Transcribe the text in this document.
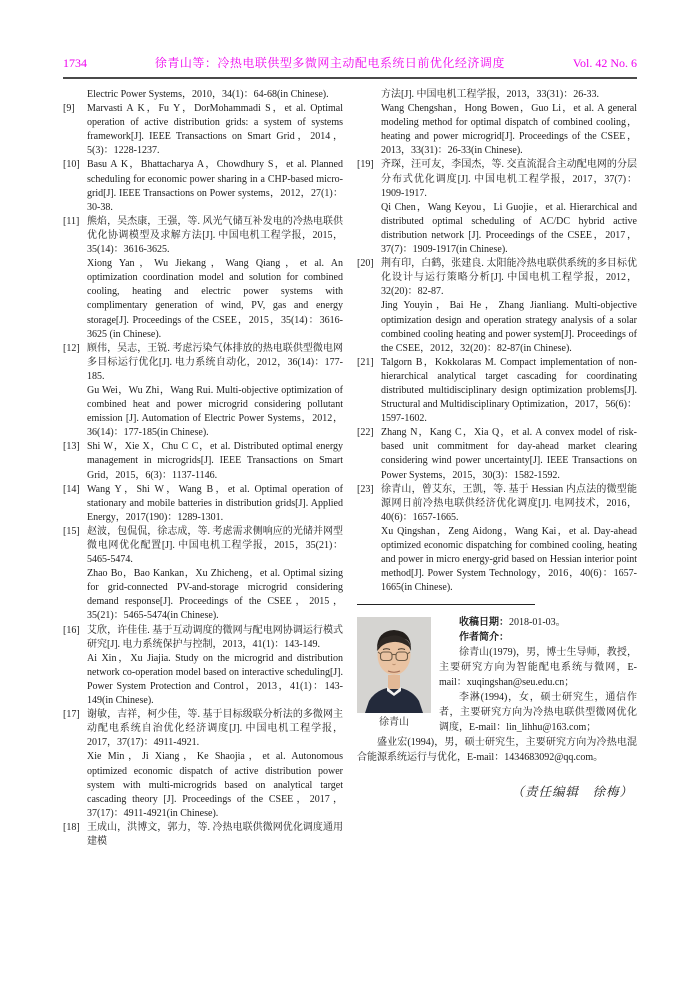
1734	徐青山等：冷热电联供型多微网主动配电系统日前优化经济调度	Vol. 42 No. 6
Electric Power Systems，2010，34(1)：64-68(in Chinese).
[9]	Marvasti A K，Fu Y，DorMohammadi S，et al. Optimal operation of active distribution grids: a system of systems framework[J]. IEEE Transactions on Smart Grid，2014，5(3)：1228-1237.
[10] Basu A K，Bhattacharya A，Chowdhury S，et al. Planned scheduling for economic power sharing in a CHP-based micro-grid[J]. IEEE Transactions on Power systems，2012，27(1)：30-38.
[11] 熊焰，吴杰康，王强，等. 风光气储互补发电的冷热电联供优化协调模型及求解方法[J]. 中国电机工程学报，2015，35(14)：3616-3625.
Xiong Yan，Wu Jiekang，Wang Qiang，et al. An optimization coordination model and solution for combined cooling, heating and electric power systems with complimentary generation of wind, PV, gas and energy storage[J]. Proceedings of the CSEE，2015，35(14)：3616-3625 (in Chinese).
[12] 顾伟，吴志，王锐. 考虑污染气体排放的热电联供型微电网多目标运行优化[J]. 电力系统自动化，2012，36(14)：177-185.
Gu Wei，Wu Zhi，Wang Rui. Multi-objective optimization of combined heat and power microgrid considering pollutant emission [J]. Automation of Electric Power Systems，2012，36(14)：177-185(in Chinese).
[13] Shi W，Xie X，Chu C C，et al. Distributed optimal energy management in microgrids[J]. IEEE Transactions on Smart Grid，2015，6(3)：1137-1146.
[14] Wang Y，Shi W，Wang B，et al. Optimal operation of stationary and mobile batteries in distribution grids[J]. Applied Energy，2017(190)：1289-1301.
[15] 赵波，包侃侃，徐志成，等. 考虑需求侧响应的光储并网型微电网优化配置[J]. 中国电机工程学报，2015，35(21)：5465-5474.
Zhao Bo，Bao Kankan，Xu Zhicheng，et al. Optimal sizing for grid-connected PV-and-storage microgrid considering demand response[J]. Proceedings of the CSEE，2015，35(21)：5465-5474(in Chinese).
[16] 艾欣，许佳佳. 基于互动调度的微网与配电网协调运行模式研究[J]. 电力系统保护与控制，2013，41(1)：143-149.
Ai Xin，Xu Jiajia. Study on the microgrid and distribution network co-operation model based on interactive scheduling[J]. Power System Protection and Control，2013，41(1)：143-149(in Chinese).
[17] 谢敏，吉祥，柯少佳，等. 基于目标级联分析法的多微网主动配电系统自治优化经济调度[J]. 中国电机工程学报，2017，37(17)：4911-4921.
Xie Min，Ji Xiang，Ke Shaojia，et al. Autonomous optimized economic dispatch of active distribution power system with multi-microgrids based on analytical target cascading theory [J]. Proceedings of the CSEE，2017，37(17)：4911-4921(in Chinese).
[18] 王成山，洪博文，郭力，等. 冷热电联供微网优化调度通用建模
方法[J]. 中国电机工程学报，2013，33(31)：26-33.
Wang Chengshan，Hong Bowen，Guo Li，et al. A general modeling method for optimal dispatch of combined cooling，heating and power microgrid[J]. Proceedings of the CSEE，2013，33(31)：26-33(in Chinese).
[19] 齐琛，汪可友，李国杰，等. 交直流混合主动配电网的分层分布式优化调度[J]. 中国电机工程学报，2017，37(7)：1909-1917.
Qi Chen，Wang Keyou，Li Guojie，et al. Hierarchical and distributed optimal scheduling of AC/DC hybrid active distribution network [J]. Proceedings of the CSEE，2017，37(7)：1909-1917(in Chinese).
[20] 荆有印，白鹤，张建良. 太阳能冷热电联供系统的多目标优化设计与运行策略分析[J]. 中国电机工程学报，2012，32(20)：82-87.
Jing Youyin，Bai He，Zhang Jianliang. Multi-objective optimization design and operation strategy analysis of a solar combined cooling heating and power system[J]. Proceedings of the CSEE，2012，32(20)：82-87(in Chinese).
[21] Talgorn B，Kokkolaras M. Compact implementation of non-hierarchical analytical target cascading for coordinating distributed multidisciplinary design optimization problems[J]. Structural and Multidisciplinary Optimization，2017，56(6)：1597-1602.
[22] Zhang N，Kang C，Xia Q，et al. A convex model of risk-based unit commitment for day-ahead market clearing considering wind power uncertainty[J]. IEEE Transactions on Power Systems，2015，30(3)：1582-1592.
[23] 徐青山，曾艾东，王凯，等. 基于 Hessian 内点法的微型能源网日前冷热电联供经济优化调度[J]. 电网技术，2016，40(6)：1657-1665.
Xu Qingshan，Zeng Aidong，Wang Kai，et al. Day-ahead optimized economic dispatching for combined cooling, heating and power in micro energy-grid based on Hessian interior point method[J]. Power System Technology，2016，40(6)：1657-1665(in Chinese).
徐青山

收稿日期：2018-01-03。

作者简介：

徐青山(1979)，男，博士生导师，教授，主要研究方向为智能配电系统与微网，E-mail：xuqingshan@seu.edu.cn；

李淋(1994)，女，硕士研究生，通信作者，主要研究方向为冷热电联供型微网优化调度，E-mail：lin_lihhu@163.com；

盛业宏(1994)，男，硕士研究生，主要研究方向为冷热电混合能源系统运行与优化，E-mail：1434683092@qq.com。

（责任编辑　徐梅）
